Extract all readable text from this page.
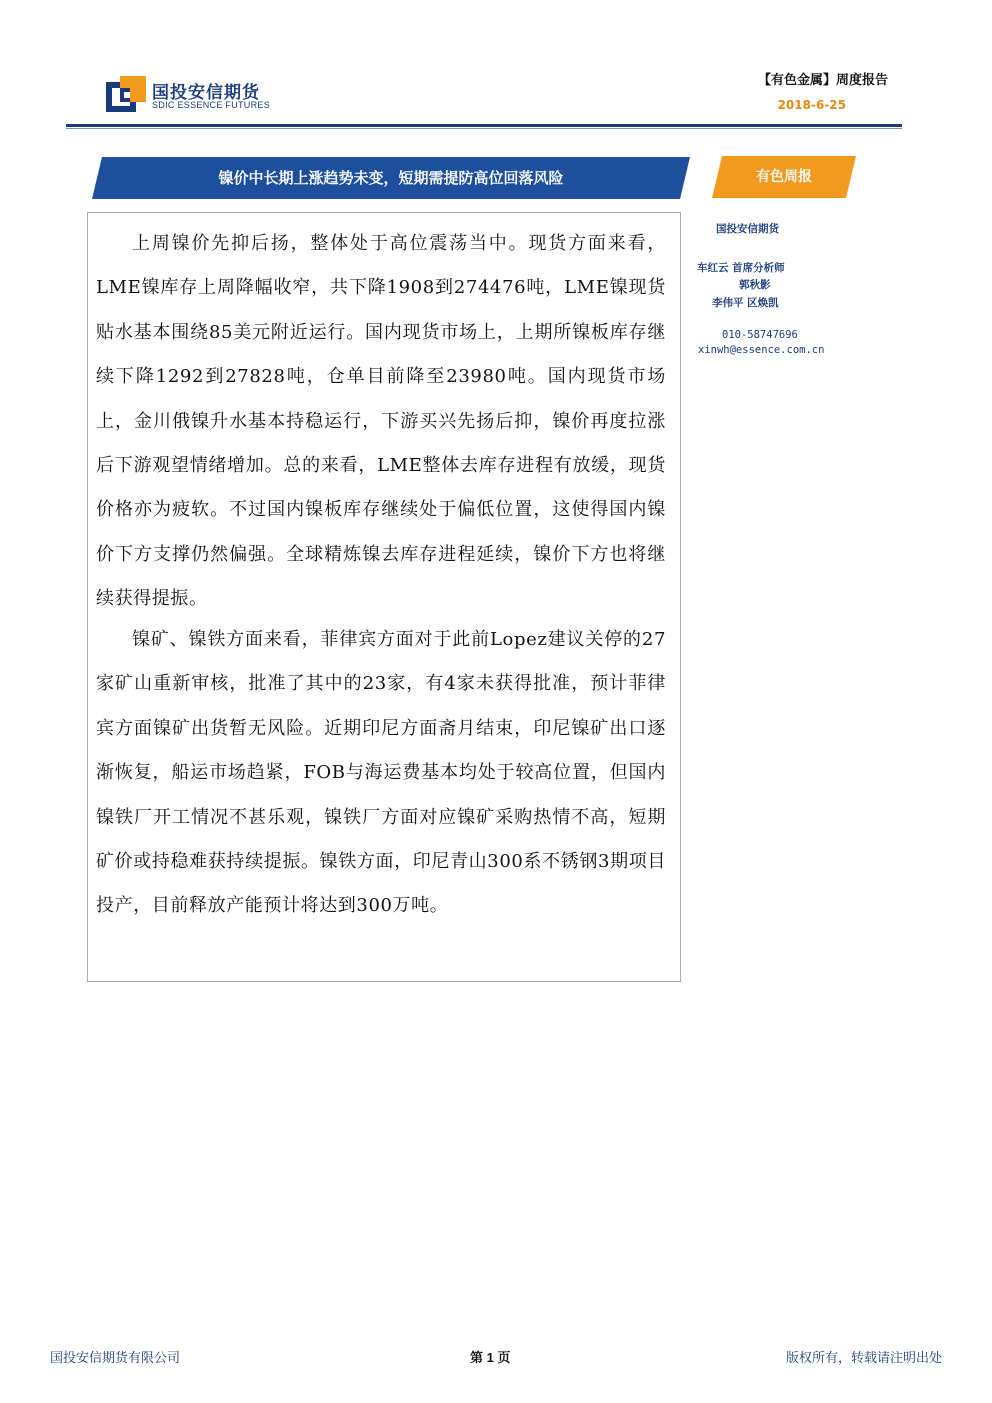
国投安信期货
SDIC ESSENCE FUTURES
【有色金属】周度报告
2018-6-25
镍价中长期上涨趋势未变，短期需提防高位回落风险	有色周报

上周镍价先抑后扬，整体处于高位震荡当中。现货方面来看，LME镍库存上周降幅收窄，共下降1908到274476吨，LME镍现货贴水基本围绕85美元附近运行。国内现货市场上，上期所镍板库存继续下降1292到27828吨，仓单目前降至23980吨。国内现货市场上，金川俄镍升水基本持稳运行，下游买兴先扬后抑，镍价再度拉涨后下游观望情绪增加。总的来看，LME整体去库存进程有放缓，现货价格亦为疲软。不过国内镍板库存继续处于偏低位置，这使得国内镍价下方支撑仍然偏强。全球精炼镍去库存进程延续，镍价下方也将继续获得提振。

镍矿、镍铁方面来看，菲律宾方面对于此前Lopez建议关停的27家矿山重新审核，批准了其中的23家，有4家未获得批准，预计菲律宾方面镍矿出货暂无风险。近期印尼方面斋月结束，印尼镍矿出口逐渐恢复，船运市场趋紧，FOB与海运费基本均处于较高位置，但国内镍铁厂开工情况不甚乐观，镍铁厂方面对应镍矿采购热情不高，短期矿价或持稳难获持续提振。镍铁方面，印尼青山300系不锈钢3期项目投产，目前释放产能预计将达到300万吨。

国投安信期货
车红云 首席分析师
郭秋影
李伟平 区焕凯
010-58747696
xinwh@essence.com.cn
国投安信期货有限公司	第 1 页	版权所有，转载请注明出处
